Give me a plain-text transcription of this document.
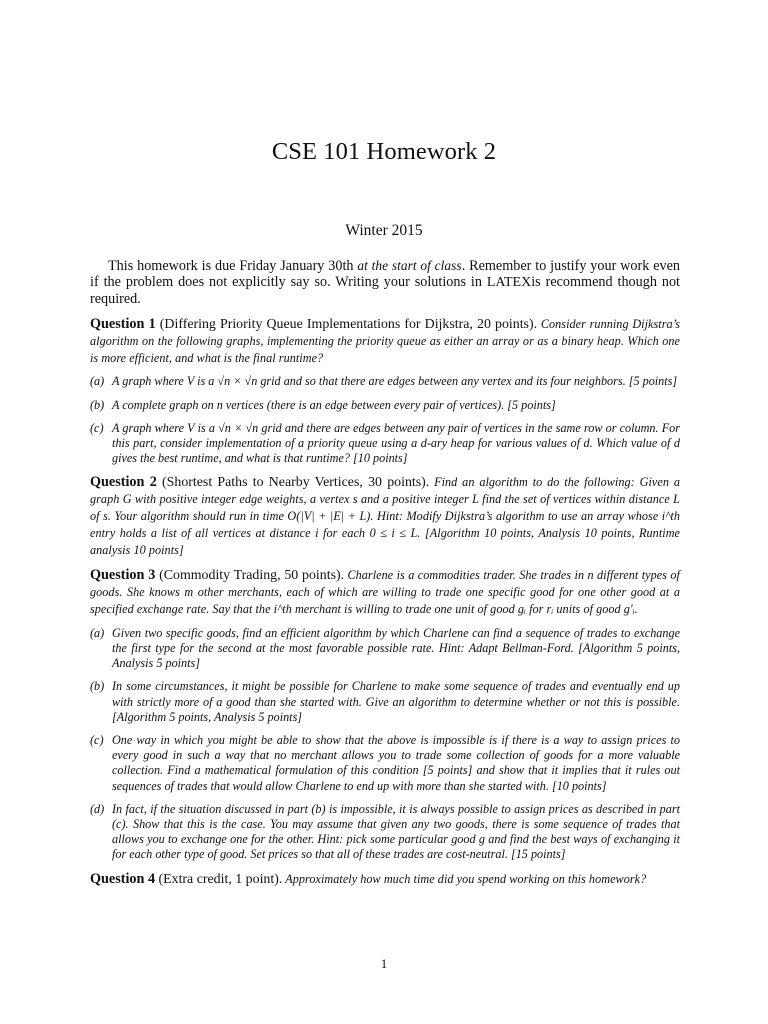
CSE 101 Homework 2
Winter 2015

This homework is due Friday January 30th at the start of class. Remember to justify your work even if the problem does not explicitly say so. Writing your solutions in LATEXis recommend though not required.

Question 1 (Differing Priority Queue Implementations for Dijkstra, 20 points). Consider running Dijkstra’s algorithm on the following graphs, implementing the priority queue as either an array or as a binary heap. Which one is more efficient, and what is the final runtime?

(a) A graph where V is a √n × √n grid and so that there are edges between any vertex and its four neighbors. [5 points]
(b) A complete graph on n vertices (there is an edge between every pair of vertices). [5 points]
(c) A graph where V is a √n × √n grid and there are edges between any pair of vertices in the same row or column. For this part, consider implementation of a priority queue using a d-ary heap for various values of d. Which value of d gives the best runtime, and what is that runtime? [10 points]

Question 2 (Shortest Paths to Nearby Vertices, 30 points). Find an algorithm to do the following: Given a graph G with positive integer edge weights, a vertex s and a positive integer L find the set of vertices within distance L of s. Your algorithm should run in time O(|V| + |E| + L). Hint: Modify Dijkstra’s algorithm to use an array whose i^th entry holds a list of all vertices at distance i for each 0 ≤ i ≤ L. [Algorithm 10 points, Analysis 10 points, Runtime analysis 10 points]

Question 3 (Commodity Trading, 50 points). Charlene is a commodities trader. She trades in n different types of goods. She knows m other merchants, each of which are willing to trade one specific good for one other good at a specified exchange rate. Say that the i^th merchant is willing to trade one unit of good gᵢ for rᵢ units of good g′ᵢ.

(a) Given two specific goods, find an efficient algorithm by which Charlene can find a sequence of trades to exchange the first type for the second at the most favorable possible rate. Hint: Adapt Bellman-Ford. [Algorithm 5 points, Analysis 5 points]
(b) In some circumstances, it might be possible for Charlene to make some sequence of trades and eventually end up with strictly more of a good than she started with. Give an algorithm to determine whether or not this is possible. [Algorithm 5 points, Analysis 5 points]
(c) One way in which you might be able to show that the above is impossible is if there is a way to assign prices to every good in such a way that no merchant allows you to trade some collection of goods for a more valuable collection. Find a mathematical formulation of this condition [5 points] and show that it implies that it rules out sequences of trades that would allow Charlene to end up with more than she started with. [10 points]
(d) In fact, if the situation discussed in part (b) is impossible, it is always possible to assign prices as described in part (c). Show that this is the case. You may assume that given any two goods, there is some sequence of trades that allows you to exchange one for the other. Hint: pick some particular good g and find the best ways of exchanging it for each other type of good. Set prices so that all of these trades are cost-neutral. [15 points]

Question 4 (Extra credit, 1 point). Approximately how much time did you spend working on this homework?

1
